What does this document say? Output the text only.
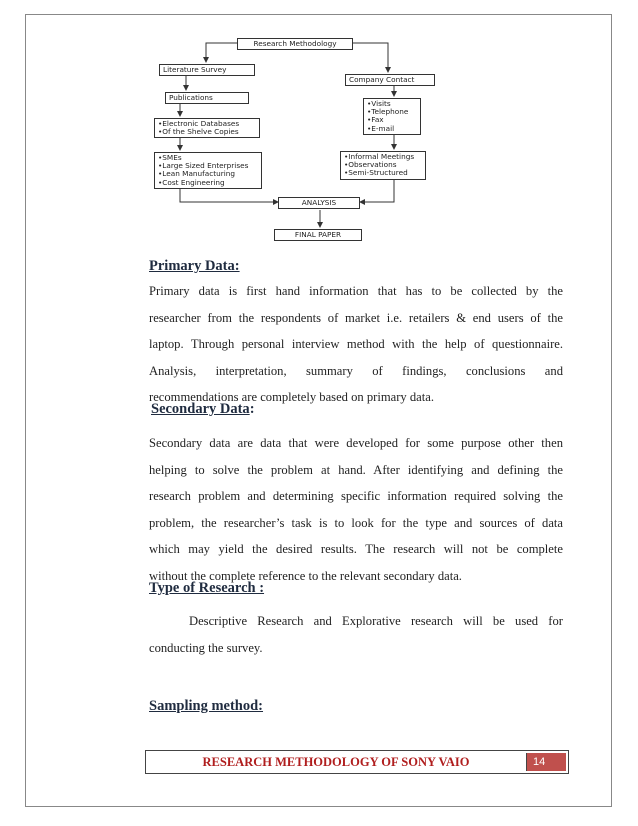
Research Methodology
Literature Survey
Publications
•Electronic Databases
•Of the Shelve Copies
•SMEs
•Large Sized Enterprises
•Lean Manufacturing
•Cost Engineering
Company Contact
•Visits
•Telephone
•Fax
•E-mail
•Informal Meetings
•Observations
•Semi-Structured
ANALYSIS
FINAL PAPER
Primary Data:
Primary data is first hand information that has to be collected by the
researcher from the respondents of market i.e. retailers & end users of the
laptop. Through personal interview method with the help of questionnaire.
Analysis, interpretation, summary of findings, conclusions and
recommendations are completely based on primary data.
Secondary Data:
Secondary data are data that were developed for some purpose other then
helping to solve the problem at hand. After identifying and defining the
research problem and determining specific information required solving the
problem, the researcher’s task is to look for the type and sources of data
which may yield the desired results. The research will not be complete
without the complete reference to the relevant secondary data.
Type of Research :
Descriptive Research and Explorative research will be used for
conducting the survey.
Sampling method:
RESEARCH METHODOLOGY OF SONY VAIO	14
